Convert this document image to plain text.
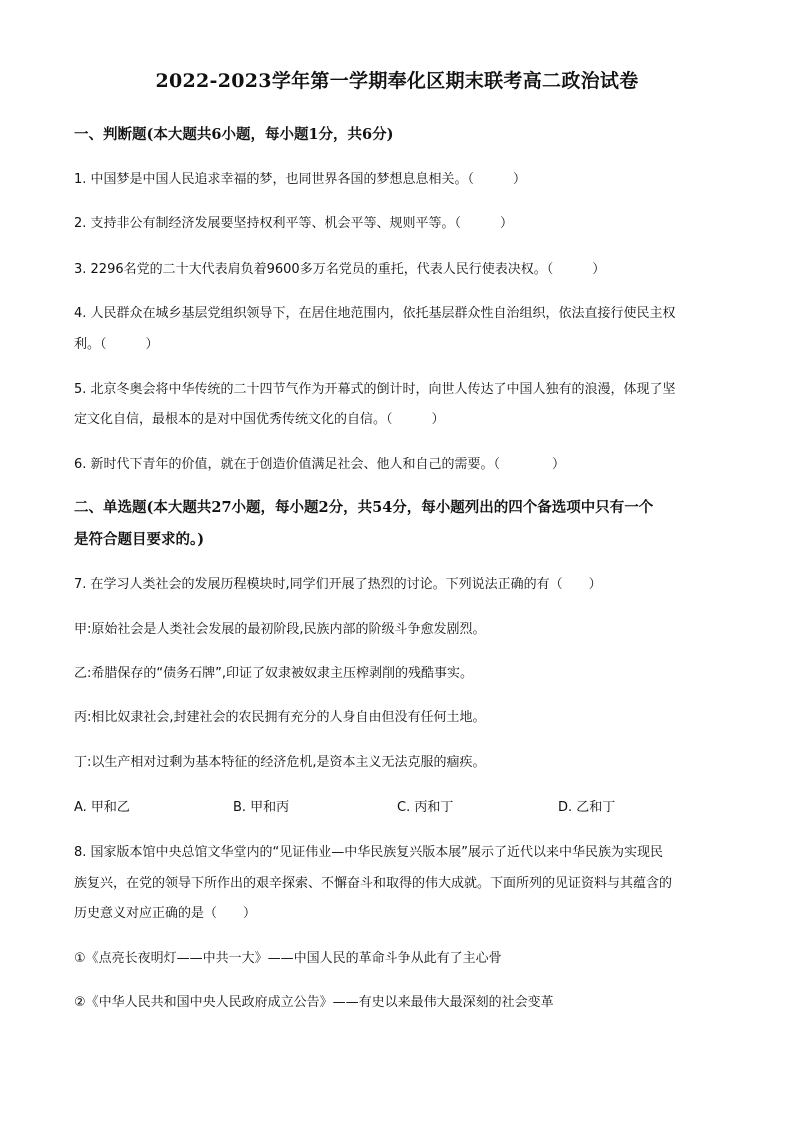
2022-2023学年第一学期奉化区期末联考高二政治试卷
一、判断题(本大题共6小题，每小题1分，共6分)
1. 中国梦是中国人民追求幸福的梦，也同世界各国的梦想息息相关。（　　　）
2. 支持非公有制经济发展要坚持权利平等、机会平等、规则平等。（　　　）
3. 2296名党的二十大代表肩负着9600多万名党员的重托，代表人民行使表决权。（　　　）
4. 人民群众在城乡基层党组织领导下，在居住地范围内，依托基层群众性自治组织，依法直接行使民主权
利。（　　　）
5. 北京冬奥会将中华传统的二十四节气作为开幕式的倒计时，向世人传达了中国人独有的浪漫，体现了坚
定文化自信，最根本的是对中国优秀传统文化的自信。（　　　）
6. 新时代下青年的价值，就在于创造价值满足社会、他人和自己的需要。（　　　　）
二、单选题(本大题共27小题，每小题2分，共54分，每小题列出的四个备选项中只有一个
是符合题目要求的。)
7. 在学习人类社会的发展历程模块时,同学们开展了热烈的讨论。下列说法正确的有（　　）
甲:原始社会是人类社会发展的最初阶段,民族内部的阶级斗争愈发剧烈。
乙:希腊保存的“债务石牌”,印证了奴隶被奴隶主压榨剥削的残酷事实。
丙:相比奴隶社会,封建社会的农民拥有充分的人身自由但没有任何土地。
丁:以生产相对过剩为基本特征的经济危机,是资本主义无法克服的痼疾。
A. 甲和乙	B. 甲和丙	C. 丙和丁	D. 乙和丁
8. 国家版本馆中央总馆文华堂内的“见证伟业—中华民族复兴版本展”展示了近代以来中华民族为实现民
族复兴，在党的领导下所作出的艰辛探索、不懈奋斗和取得的伟大成就。下面所列的见证资料与其蕴含的
历史意义对应正确的是（　　）
①《点亮长夜明灯——中共一大》——中国人民的革命斗争从此有了主心骨
②《中华人民共和国中央人民政府成立公告》——有史以来最伟大最深刻的社会变革
